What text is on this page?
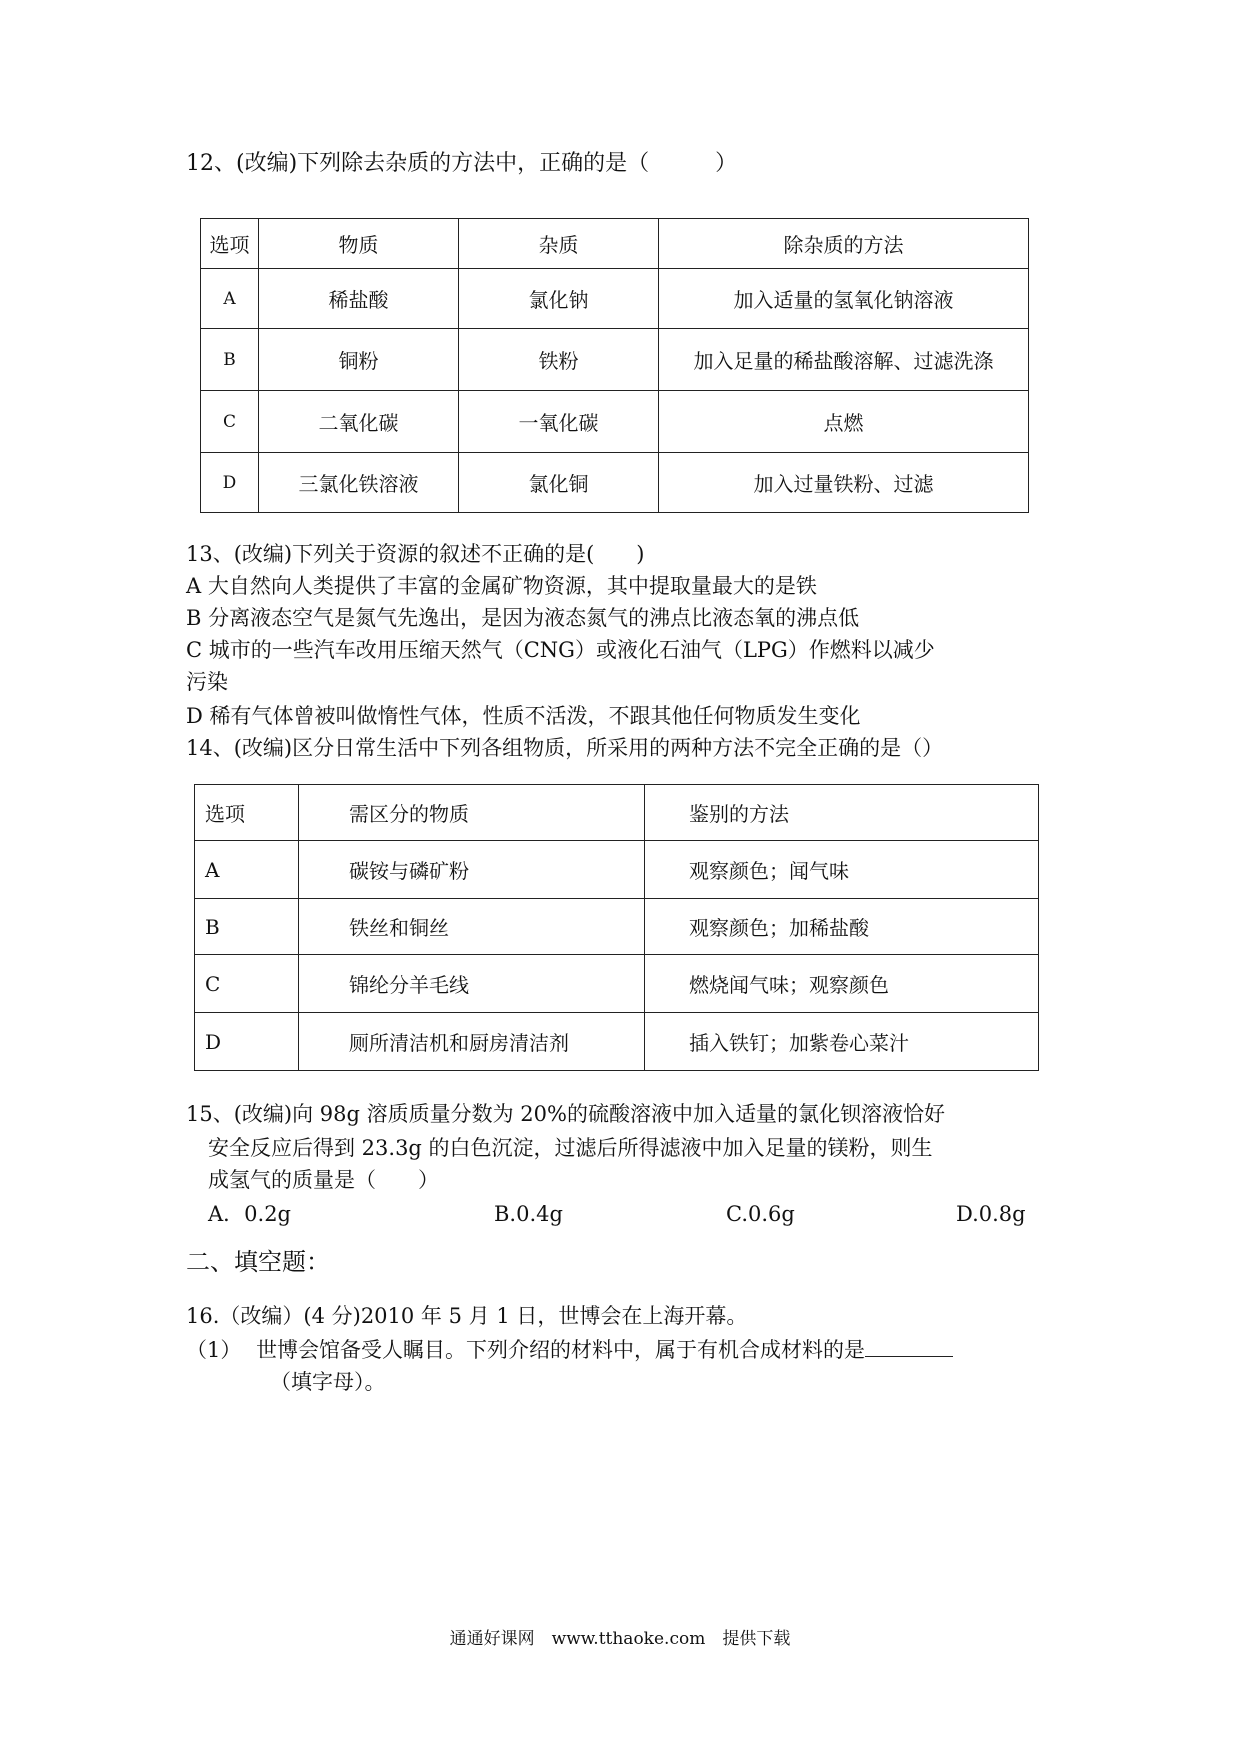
12、(改编)下列除去杂质的方法中，正确的是（　　　）
选项	物质	杂质	除杂质的方法
A	稀盐酸	氯化钠	加入适量的氢氧化钠溶液
B	铜粉	铁粉	加入足量的稀盐酸溶解、过滤洗涤
C	二氧化碳	一氧化碳	点燃
D	三氯化铁溶液	氯化铜	加入过量铁粉、过滤
13、(改编)下列关于资源的叙述不正确的是(　　)
A 大自然向人类提供了丰富的金属矿物资源，其中提取量最大的是铁
B 分离液态空气是氮气先逸出，是因为液态氮气的沸点比液态氧的沸点低
C 城市的一些汽车改用压缩天然气（CNG）或液化石油气（LPG）作燃料以减少
污染
D 稀有气体曾被叫做惰性气体，性质不活泼，不跟其他任何物质发生变化
14、(改编)区分日常生活中下列各组物质，所采用的两种方法不完全正确的是（）
选项	需区分的物质	鉴别的方法
A	碳铵与磷矿粉	观察颜色；闻气味
B	铁丝和铜丝	观察颜色；加稀盐酸
C	锦纶分羊毛线	燃烧闻气味；观察颜色
D	厕所清洁机和厨房清洁剂	插入铁钉；加紫卷心菜汁
15、(改编)向 98g 溶质质量分数为 20%的硫酸溶液中加入适量的氯化钡溶液恰好
安全反应后得到 23.3g 的白色沉淀，过滤后所得滤液中加入足量的镁粉，则生
成氢气的质量是（　　）
A．0.2g	B.0.4g	C.0.6g	D.0.8g
二、填空题：
16.（改编）(4 分)2010 年 5 月 1 日，世博会在上海开幕。
（1） 世博会馆备受人瞩目。下列介绍的材料中，属于有机合成材料的是
（填字母）。
通通好课网　www.tthaoke.com　提供下载
